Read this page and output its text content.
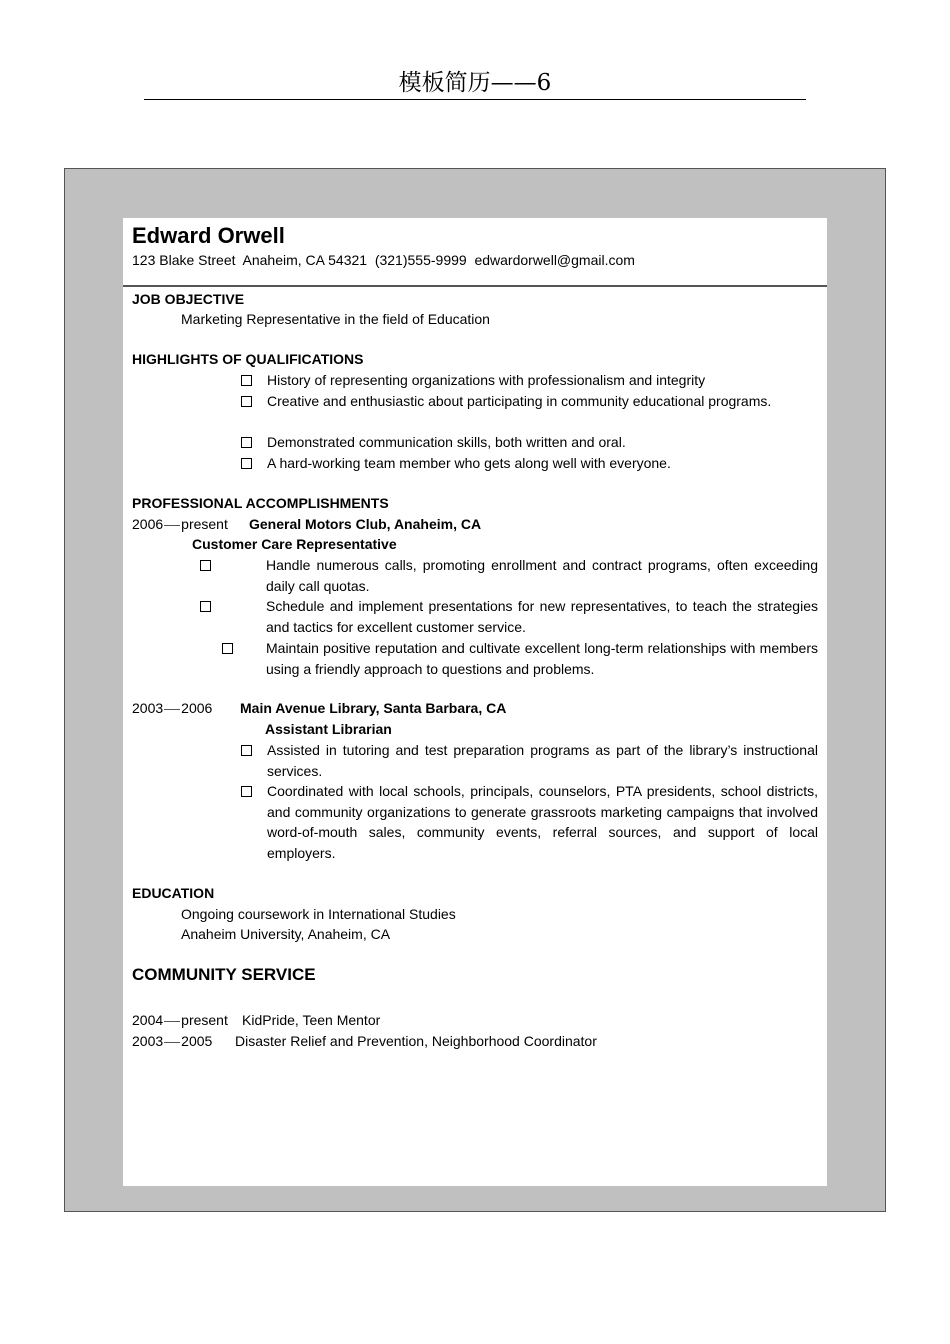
模板简历——6
Edward Orwell
123 Blake Street  Anaheim, CA 54321  (321)555-9999  edwardorwell@gmail.com
JOB OBJECTIVE
Marketing Representative in the field of Education
HIGHLIGHTS OF QUALIFICATIONS
History of representing organizations with professionalism and integrity
Creative and enthusiastic about participating in community educational programs.
Demonstrated communication skills, both written and oral.
A hard-working team member who gets along well with everyone.
PROFESSIONAL ACCOMPLISHMENTS
2006 present General Motors Club, Anaheim, CA
Customer Care Representative
Handle numerous calls, promoting enrollment and contract programs, often exceeding daily call quotas.
Schedule and implement presentations for new representatives, to teach the strategies and tactics for excellent customer service.
Maintain positive reputation and cultivate excellent long-term relationships with members using a friendly approach to questions and problems.
2003 2006 Main Avenue Library, Santa Barbara, CA
Assistant Librarian
Assisted in tutoring and test preparation programs as part of the library’s instructional services.
Coordinated with local schools, principals, counselors, PTA presidents, school districts, and community organizations to generate grassroots marketing campaigns that involved word-of-mouth sales, community events, referral sources, and support of local employers.
EDUCATION
Ongoing coursework in International Studies
Anaheim University, Anaheim, CA
COMMUNITY SERVICE
2004 present KidPride, Teen Mentor
2003 2005 Disaster Relief and Prevention, Neighborhood Coordinator
